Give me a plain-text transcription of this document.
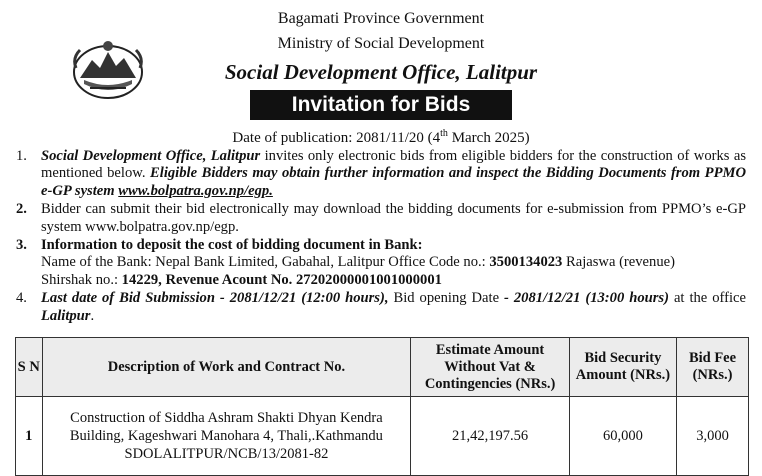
Bagamati Province Government
Ministry of Social Development
Social Development Office, Lalitpur
Invitation for Bids
Date of publication: 2081/11/20 (4th March 2025)
1. Social Development Office, Lalitpur invites only electronic bids from eligible bidders for the construction of works as mentioned below. Eligible Bidders may obtain further information and inspect the Bidding Documents from PPMO e-GP system www.bolpatra.gov.np/egp.
2. Bidder can submit their bid electronically may download the bidding documents for e-submission from PPMO’s e-GP system www.bolpatra.gov.np/egp.
3. Information to deposit the cost of bidding document in Bank:
Name of the Bank: Nepal Bank Limited, Gabahal, Lalitpur Office Code no.: 3500134023 Rajaswa (revenue)
Shirshak no.: 14229, Revenue Acount No. 27202000001001000001
4. Last date of Bid Submission - 2081/12/21 (12:00 hours), Bid opening Date - 2081/12/21 (13:00 hours) at the office Lalitpur.
S N	Description of Work and Contract No.	Estimate Amount Without Vat & Contingencies (NRs.)	Bid Security Amount (NRs.)	Bid Fee (NRs.)
1	Construction of Siddha Ashram Shakti Dhyan Kendra
Building, Kageshwari Manohara 4, Thali,.Kathmandu
SDOLALITPUR/NCB/13/2081-82	21,42,197.56	60,000	3,000
